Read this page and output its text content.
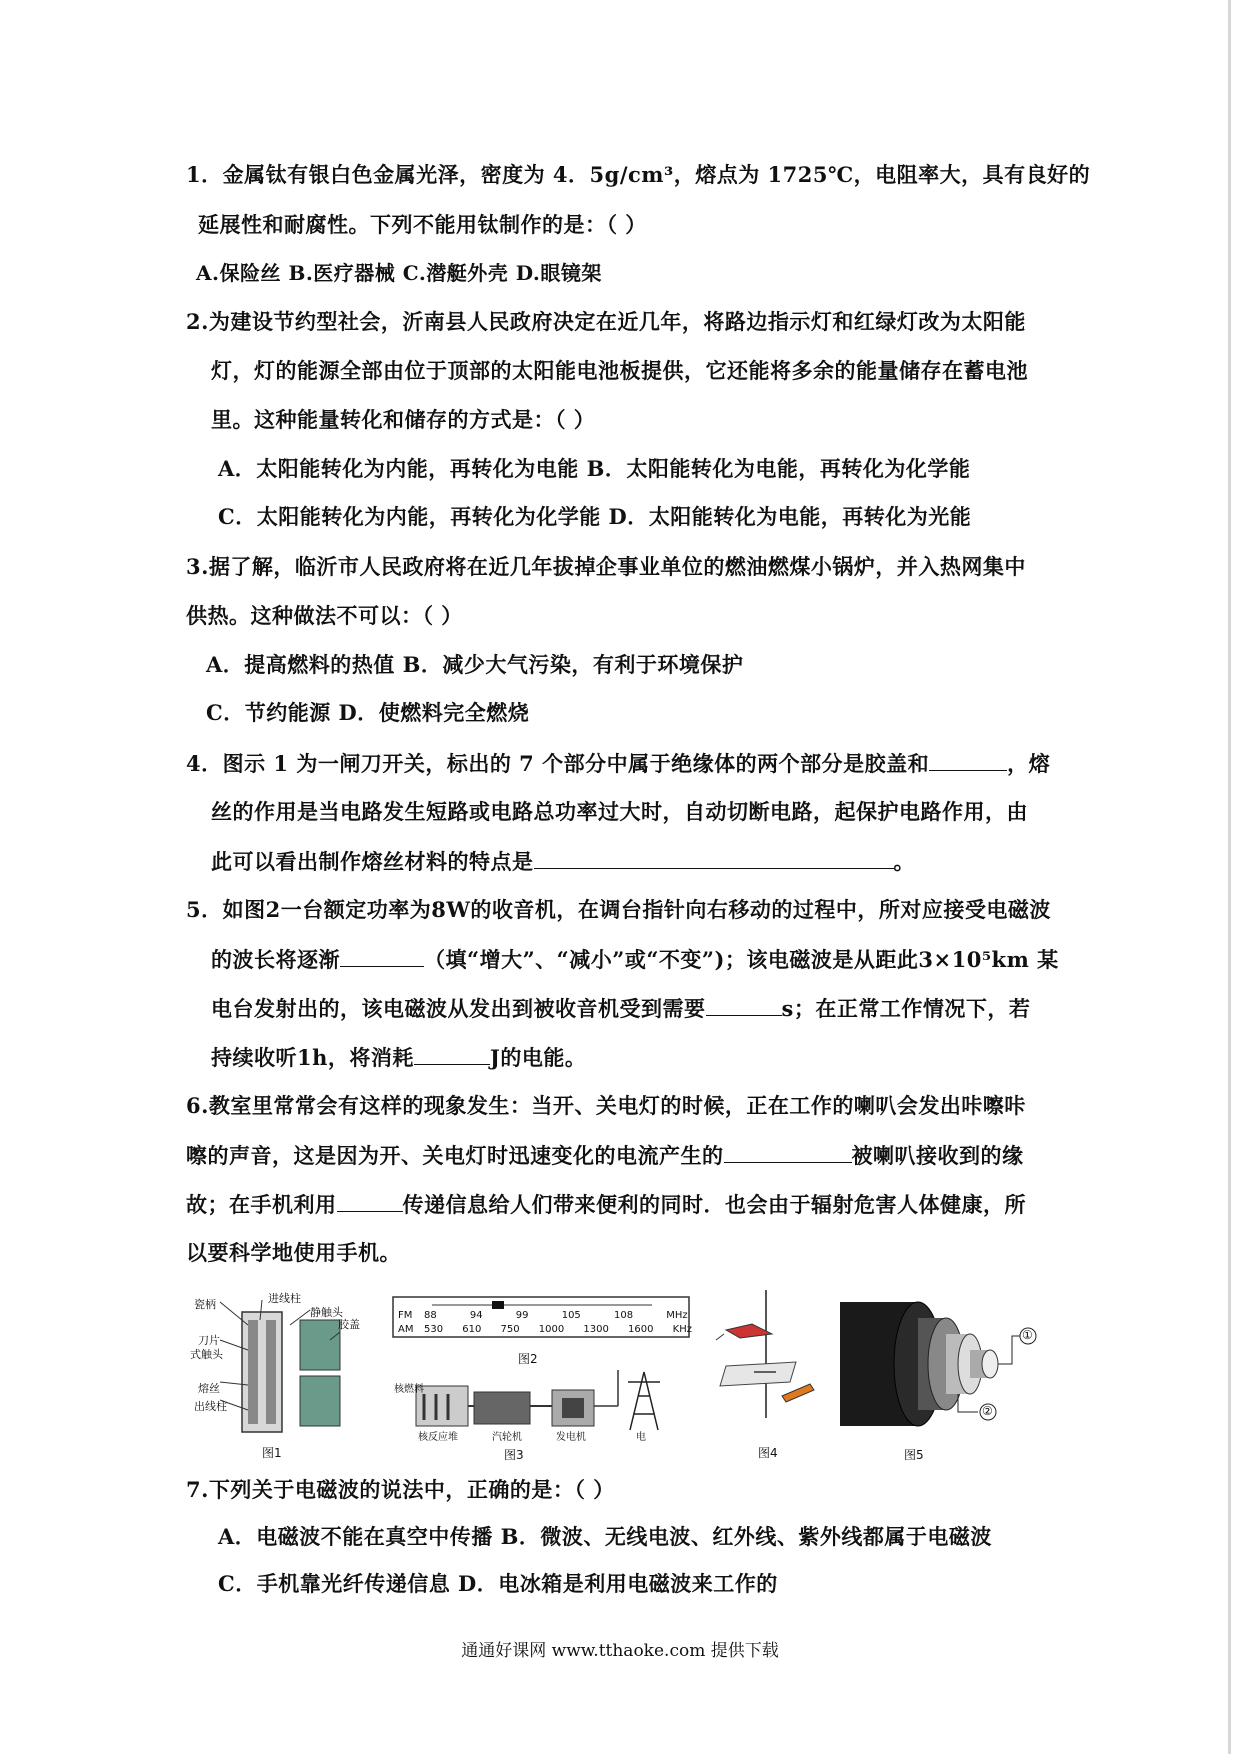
1．金属钛有银白色金属光泽，密度为 4．5g/cm³，熔点为 1725℃，电阻率大，具有良好的
延展性和耐腐性。下列不能用钛制作的是：（ ）
A.保险丝 B.医疗器械 C.潜艇外壳 D.眼镜架
2.为建设节约型社会，沂南县人民政府决定在近几年，将路边指示灯和红绿灯改为太阳能
灯，灯的能源全部由位于顶部的太阳能电池板提供，它还能将多余的能量储存在蓄电池
里。这种能量转化和储存的方式是：（ ）
A．太阳能转化为内能，再转化为电能 B．太阳能转化为电能，再转化为化学能
C．太阳能转化为内能，再转化为化学能 D．太阳能转化为电能，再转化为光能
3.据了解，临沂市人民政府将在近几年拔掉企事业单位的燃油燃煤小锅炉，并入热网集中
供热。这种做法不可以：（ ）
A．提高燃料的热值 B．减少大气污染，有利于环境保护
C．节约能源 D．使燃料完全燃烧
4．图示 1 为一闸刀开关，标出的 7 个部分中属于绝缘体的两个部分是胶盖和	，熔
丝的作用是当电路发生短路或电路总功率过大时，自动切断电路，起保护电路作用，由
此可以看出制作熔丝材料的特点是	。
5．如图2一台额定功率为8W的收音机，在调台指针向右移动的过程中，所对应接受电磁波
的波长将逐渐	（填“增大”、“减小”或“不变”)；该电磁波是从距此3×10⁵km 某
电台发射出的，该电磁波从发出到被收音机受到需要	s；在正常工作情况下，若
持续收听1h，将消耗	J的电能。
6.教室里常常会有这样的现象发生：当开、关电灯的时候，正在工作的喇叭会发出咔嚓咔
嚓的声音，这是因为开、关电灯时迅速变化的电流产生的	被喇叭接收到的缘
故；在手机利用	传递信息给人们带来便利的同时．也会由于辐射危害人体健康，所
以要科学地使用手机。
瓷柄	进线柱
静触头
刀片
式触头
胶盖
熔丝
出线柱
图1
FM
AM
88 94 99 105 108 MHz
530 610 750 1000 1300 1600 KHz
图2
核燃料
核反应堆	汽轮机	发电机	电
图3	图4
①
②
图5
7.下列关于电磁波的说法中，正确的是：（ ）
A．电磁波不能在真空中传播 B．微波、无线电波、红外线、紫外线都属于电磁波
C．手机靠光纤传递信息 D．电冰箱是利用电磁波来工作的
通通好课网 www.tthaoke.com 提供下载
